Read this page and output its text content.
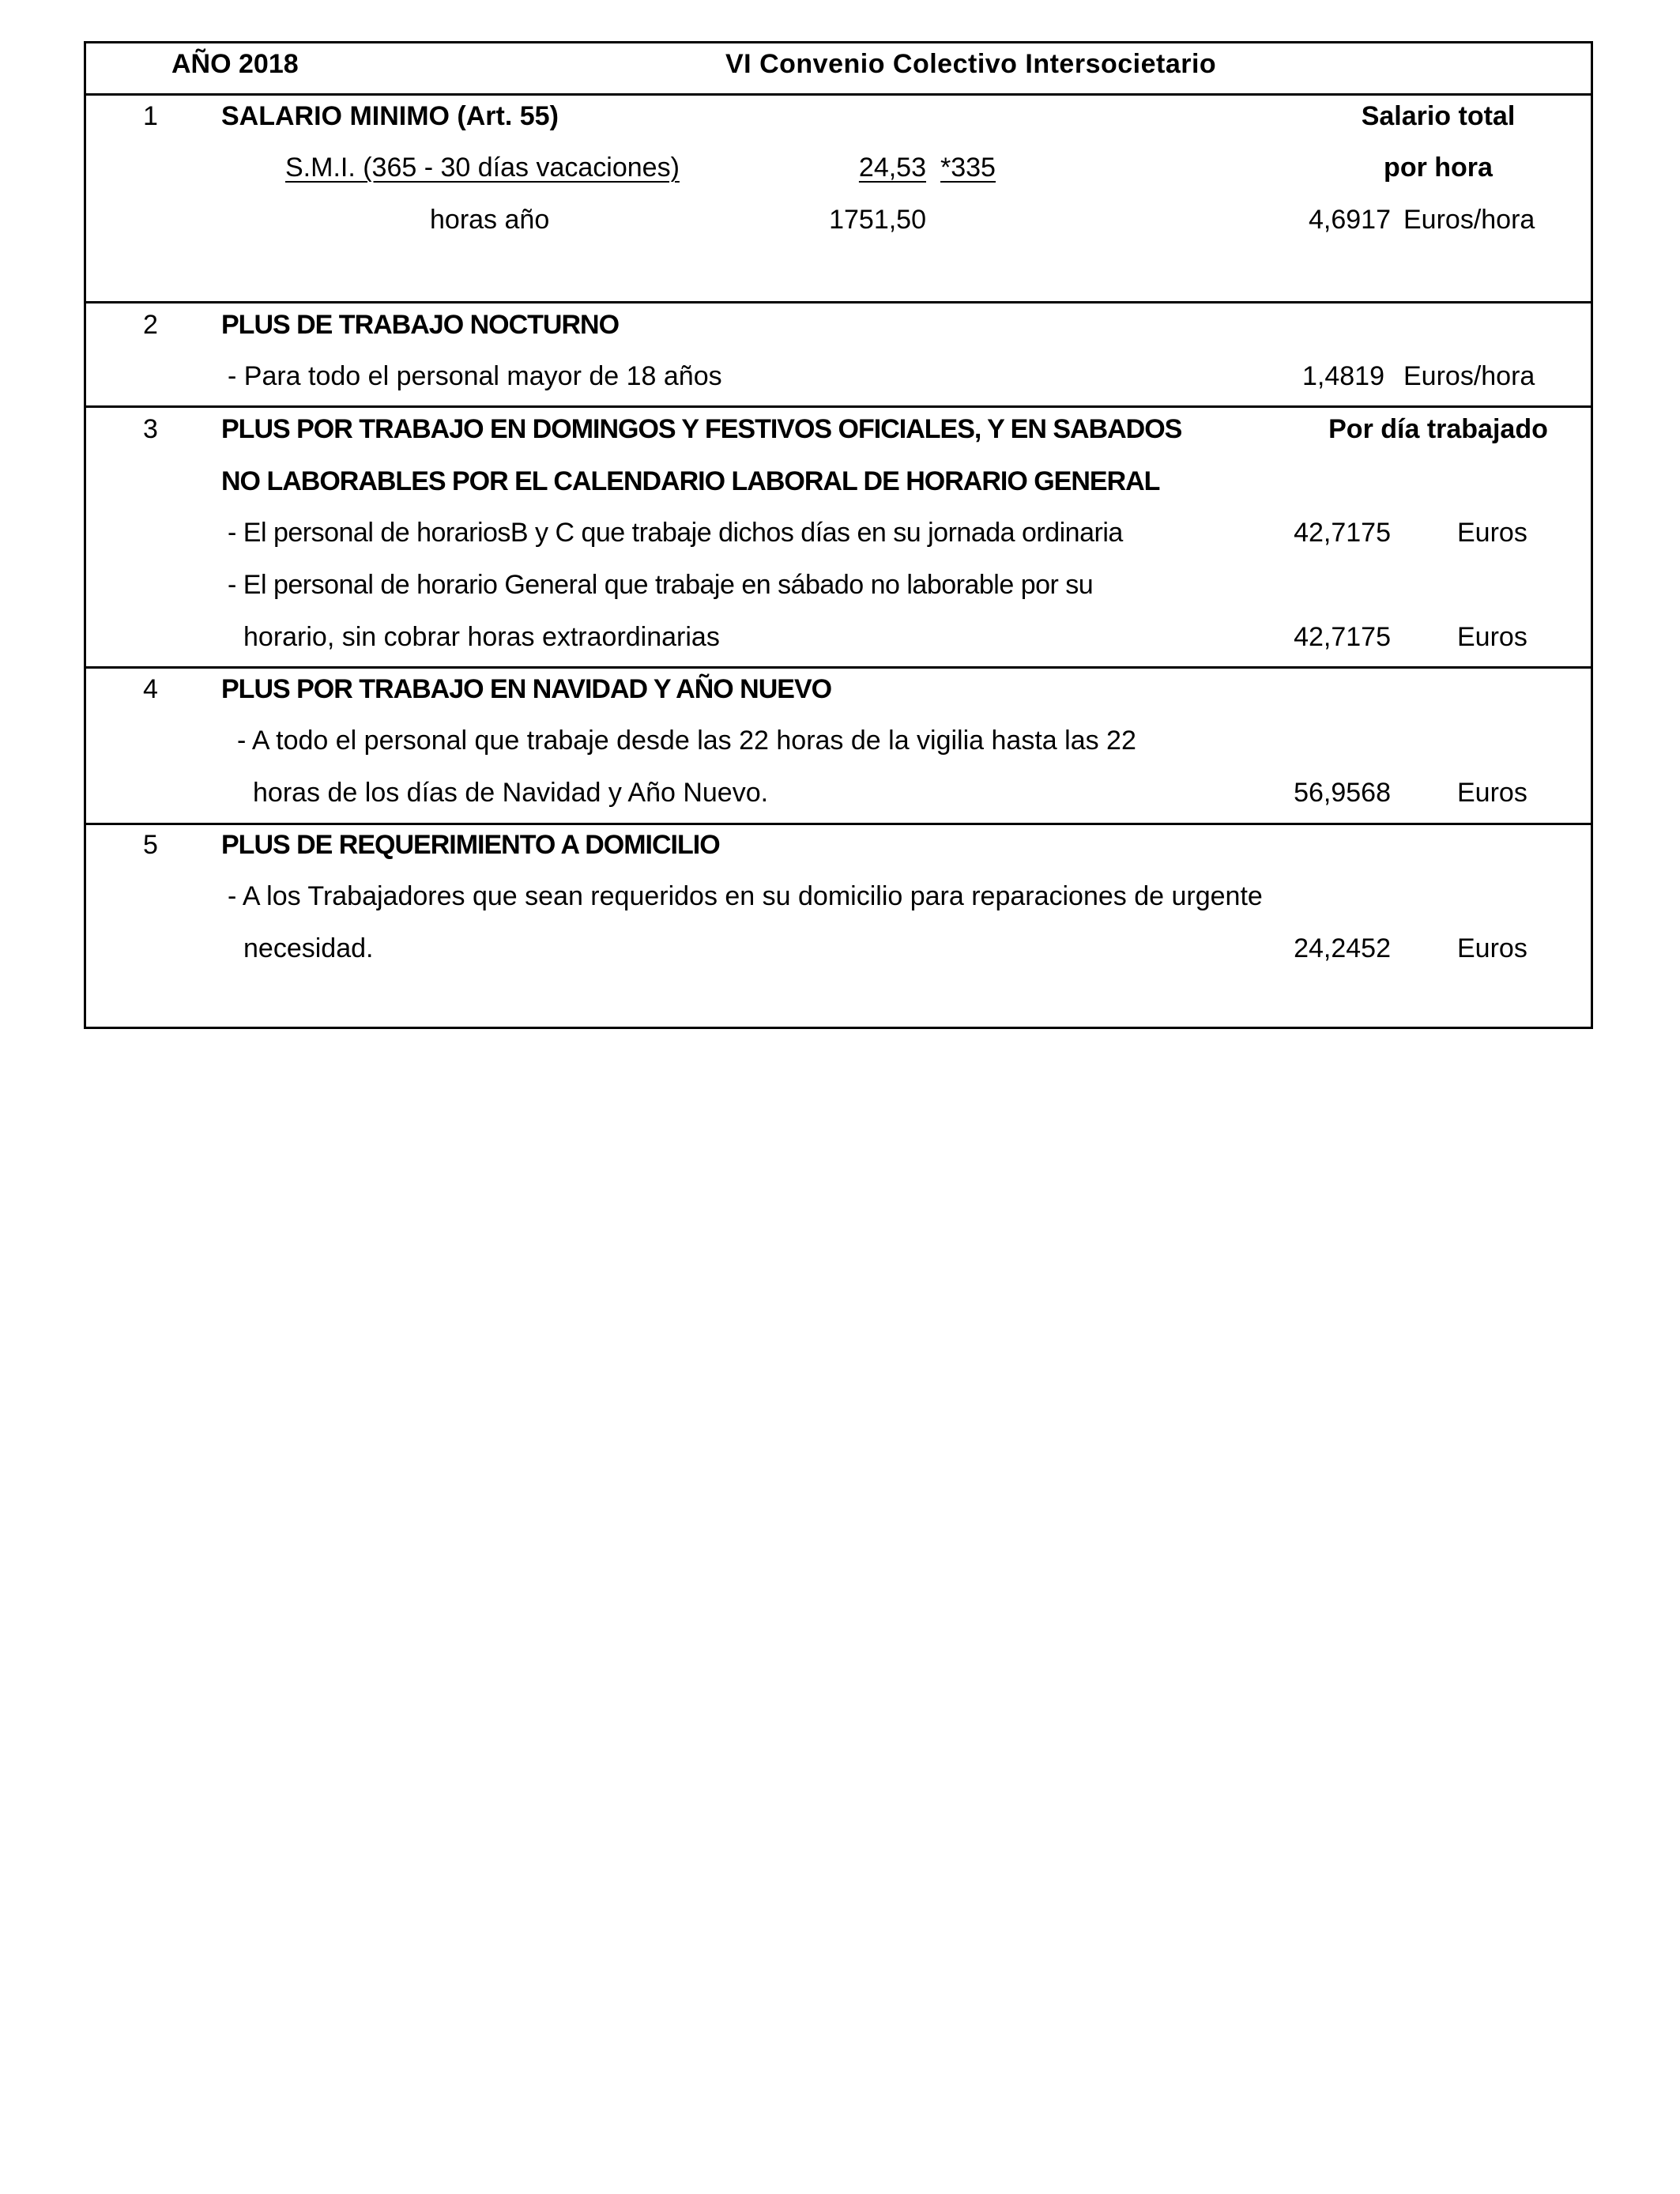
AÑO 2018	VI Convenio Colectivo Intersocietario
1 SALARIO MINIMO (Art. 55)	Salario total
S.M.I. (365 - 30 días vacaciones)	24,53 *335	por hora
horas año	1751,50	4,6917 Euros/hora
2 PLUS DE TRABAJO NOCTURNO
- Para todo el personal mayor de 18 años	1,4819 Euros/hora
3 PLUS POR TRABAJO EN DOMINGOS Y FESTIVOS OFICIALES, Y EN SABADOS	Por día trabajado
NO LABORABLES POR EL CALENDARIO LABORAL DE HORARIO GENERAL
- El personal de horariosB y C que trabaje dichos días en su jornada ordinaria	42,7175 Euros
- El personal de horario General que trabaje en sábado no laborable por su
horario, sin cobrar horas extraordinarias	42,7175 Euros
4 PLUS POR TRABAJO EN NAVIDAD Y AÑO NUEVO
- A todo el personal que trabaje desde las 22 horas de la vigilia hasta las 22
horas de los días de Navidad y Año Nuevo.	56,9568 Euros
5 PLUS DE REQUERIMIENTO A DOMICILIO
- A los Trabajadores que sean requeridos en su domicilio para reparaciones de urgente
necesidad.	24,2452 Euros
